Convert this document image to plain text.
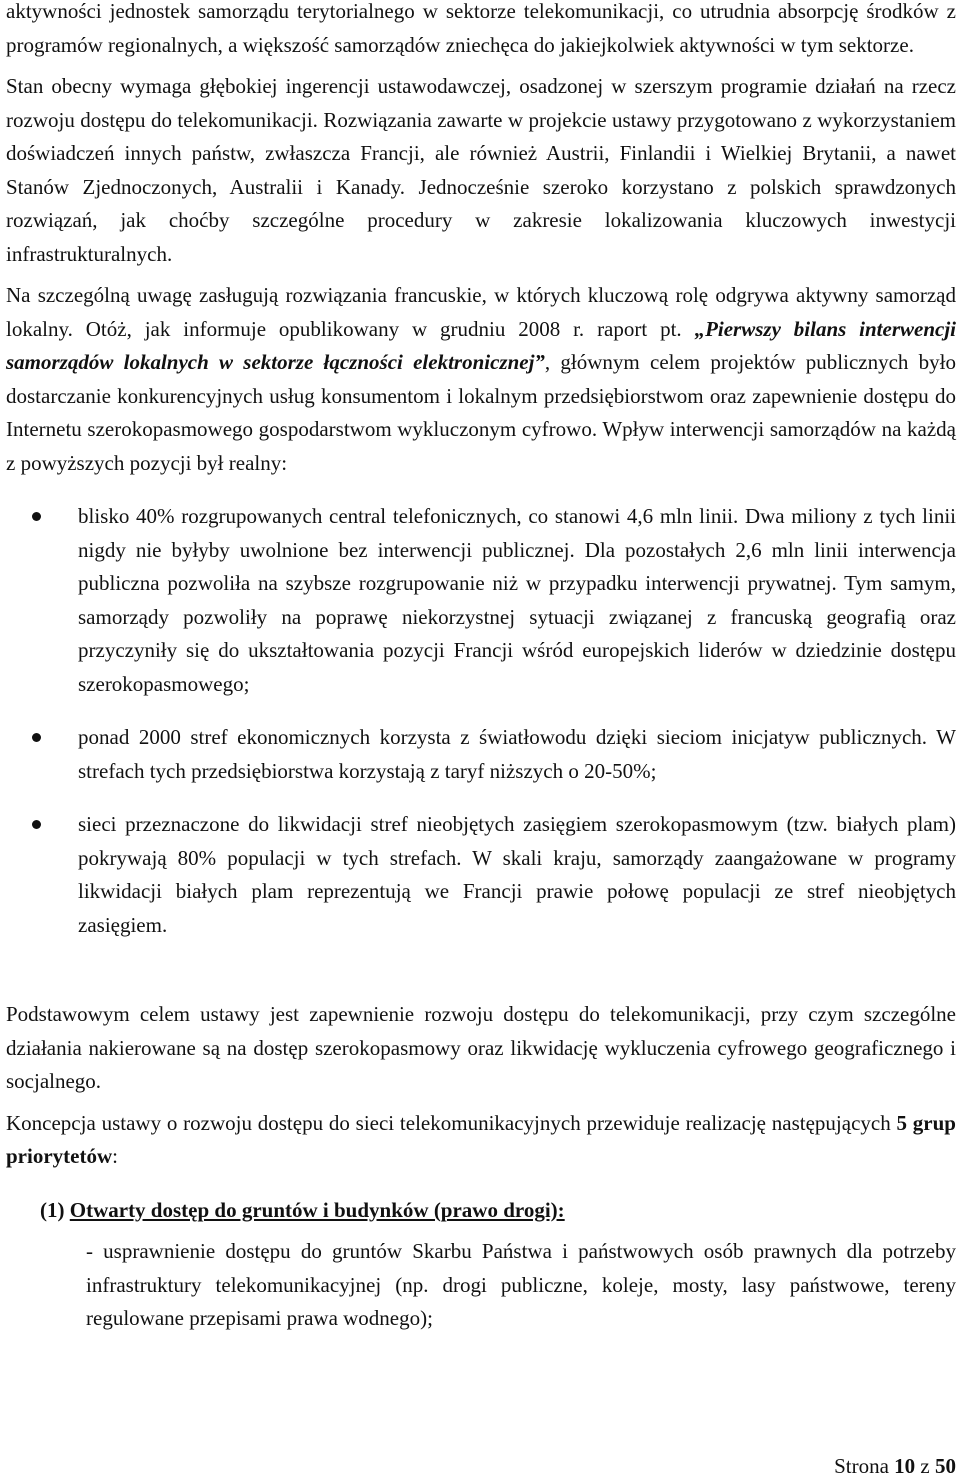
aktywności jednostek samorządu terytorialnego w sektorze telekomunikacji, co utrudnia absorpcję środków z programów regionalnych, a większość samorządów zniechęca do jakiejkolwiek aktywności w tym sektorze.

Stan obecny wymaga głębokiej ingerencji ustawodawczej, osadzonej w szerszym programie działań na rzecz rozwoju dostępu do telekomunikacji. Rozwiązania zawarte w projekcie ustawy przygotowano z wykorzystaniem doświadczeń innych państw, zwłaszcza Francji, ale również Austrii, Finlandii i Wielkiej Brytanii, a nawet Stanów Zjednoczonych, Australii i Kanady. Jednocześnie szeroko korzystano z polskich sprawdzonych rozwiązań, jak choćby szczególne procedury w zakresie lokalizowania kluczowych inwestycji infrastrukturalnych.

Na szczególną uwagę zasługują rozwiązania francuskie, w których kluczową rolę odgrywa aktywny samorząd lokalny. Otóż, jak informuje opublikowany w grudniu 2008 r. raport pt. „Pierwszy bilans interwencji samorządów lokalnych w sektorze łączności elektronicznej”, głównym celem projektów publicznych było dostarczanie konkurencyjnych usług konsumentom i lokalnym przedsiębiorstwom oraz zapewnienie dostępu do Internetu szerokopasmowego gospodarstwom wykluczonym cyfrowo. Wpływ interwencji samorządów na każdą z powyższych pozycji był realny:

blisko 40% rozgrupowanych central telefonicznych, co stanowi 4,6 mln linii. Dwa miliony z tych linii nigdy nie byłyby uwolnione bez interwencji publicznej. Dla pozostałych 2,6 mln linii interwencja publiczna pozwoliła na szybsze rozgrupowanie niż w przypadku interwencji prywatnej. Tym samym, samorządy pozwoliły na poprawę niekorzystnej sytuacji związanej z francuską geografią oraz przyczyniły się do ukształtowania pozycji Francji wśród europejskich liderów w dziedzinie dostępu szerokopasmowego;
ponad 2000 stref ekonomicznych korzysta z światłowodu dzięki sieciom inicjatyw publicznych. W strefach tych przedsiębiorstwa korzystają z taryf niższych o 20-50%;
sieci przeznaczone do likwidacji stref nieobjętych zasięgiem szerokopasmowym (tzw. białych plam) pokrywają 80% populacji w tych strefach. W skali kraju, samorządy zaangażowane w programy likwidacji białych plam reprezentują we Francji prawie połowę populacji ze stref nieobjętych zasięgiem.

Podstawowym celem ustawy jest zapewnienie rozwoju dostępu do telekomunikacji, przy czym szczególne działania nakierowane są na dostęp szerokopasmowy oraz likwidację wykluczenia cyfrowego geograficznego i socjalnego.

Koncepcja ustawy o rozwoju dostępu do sieci telekomunikacyjnych przewiduje realizację następujących 5 grup priorytetów:

(1) Otwarty dostęp do gruntów i budynków (prawo drogi):

- usprawnienie dostępu do gruntów Skarbu Państwa i państwowych osób prawnych dla potrzeby infrastruktury telekomunikacyjnej (np. drogi publiczne, koleje, mosty, lasy państwowe, tereny regulowane przepisami prawa wodnego);

Strona 10 z 50
